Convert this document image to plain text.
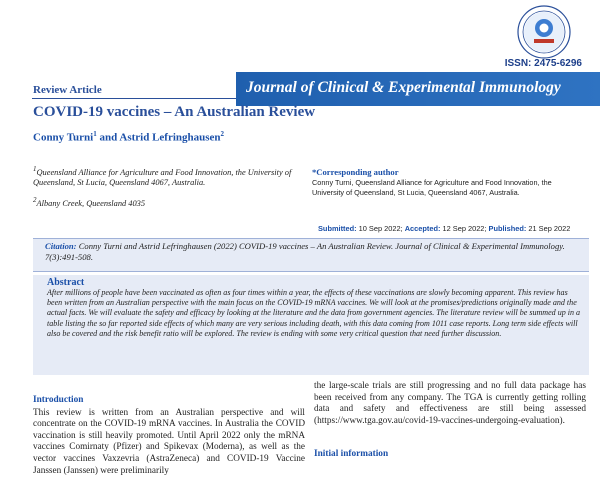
ISSN: 2475-6296
Review Article	Journal of Clinical & Experimental Immunology
COVID-19 vaccines – An Australian Review
Conny Turni$^1$ and Astrid Lefringhausen$^2$
$^1$Queensland Alliance for Agriculture and Food Innovation, the University of Queensland, St Lucia, Queensland 4067, Australia.
$^2$Albany Creek, Queensland 4035
*Corresponding author
Conny Turni, Queensland Alliance for Agriculture and Food Innovation, the University of Queensland, St Lucia, Queensland 4067, Australia.
Submitted: 10 Sep 2022; Accepted: 12 Sep 2022; Published: 21 Sep 2022
Citation: Conny Turni and Astrid Lefringhausen (2022) COVID-19 vaccines – An Australian Review. Journal of Clinical & Experimental Immunology. 7(3):491-508.
Abstract
After millions of people have been vaccinated as often as four times within a year, the effects of these vaccinations are slowly becoming apparent. This review has been written from an Australian perspective with the main focus on the COVID-19 mRNA vaccines. We will look at the promises/predictions originally made and the actual facts. We will evaluate the safety and efficacy by looking at the literature and the data from government agencies. The literature review will be summed up in a table listing the so far reported side effects of which many are very serious including death, with this data coming from 1011 case reports. Long term side effects will also be covered and the risk benefit ratio will be explored. The review is ending with some very critical question that need further discussion.
Introduction
This review is written from an Australian perspective and will concentrate on the COVID-19 mRNA vaccines. In Australia the COVID vaccination is still heavily promoted. Until April 2022 only the mRNA vaccines Comirnaty (Pfizer) and Spikevax (Moderna), as well as the vector vaccines Vaxzevria (AstraZeneca) and COVID-19 Vaccine Janssen (Janssen) were preliminarily
the large-scale trials are still progressing and no full data package has been received from any company. The TGA is currently getting rolling data and safety and effectiveness are still being assessed (https://www.tga.gov.au/covid-19-vaccines-undergoing-evaluation).
Initial information
